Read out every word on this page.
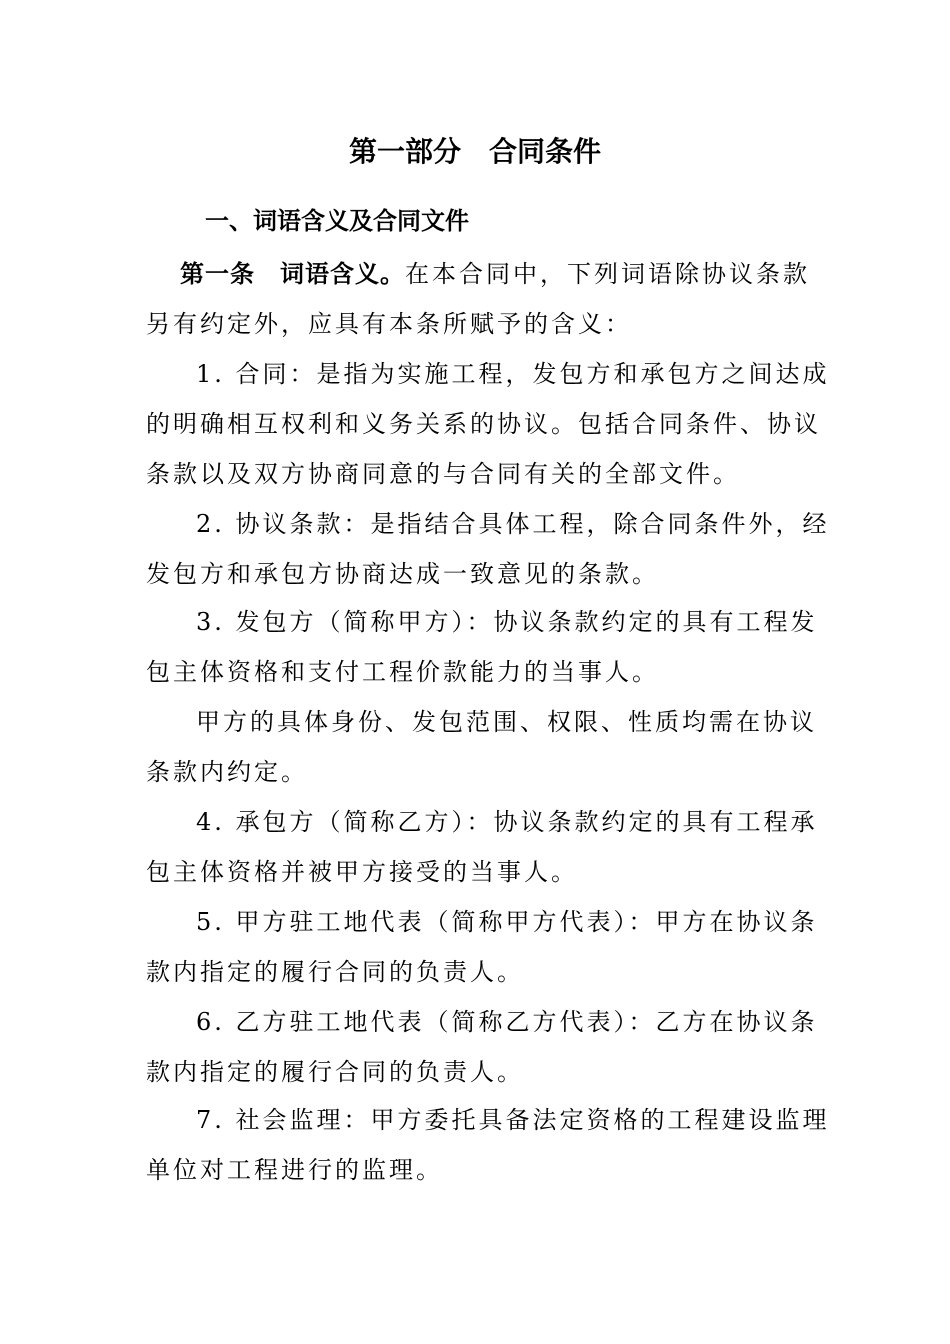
第一部分　合同条件
一、词语含义及合同文件
第一条　词语含义。在本合同中，下列词语除协议条款
另有约定外，应具有本条所赋予的含义：
1. 合同：是指为实施工程，发包方和承包方之间达成
的明确相互权利和义务关系的协议。包括合同条件、协议
条款以及双方协商同意的与合同有关的全部文件。
2. 协议条款：是指结合具体工程，除合同条件外，经
发包方和承包方协商达成一致意见的条款。
3. 发包方（简称甲方）：协议条款约定的具有工程发
包主体资格和支付工程价款能力的当事人。
甲方的具体身份、发包范围、权限、性质均需在协议
条款内约定。
4. 承包方（简称乙方）：协议条款约定的具有工程承
包主体资格并被甲方接受的当事人。
5. 甲方驻工地代表（简称甲方代表）：甲方在协议条
款内指定的履行合同的负责人。
6. 乙方驻工地代表（简称乙方代表）：乙方在协议条
款内指定的履行合同的负责人。
7. 社会监理：甲方委托具备法定资格的工程建设监理
单位对工程进行的监理。
